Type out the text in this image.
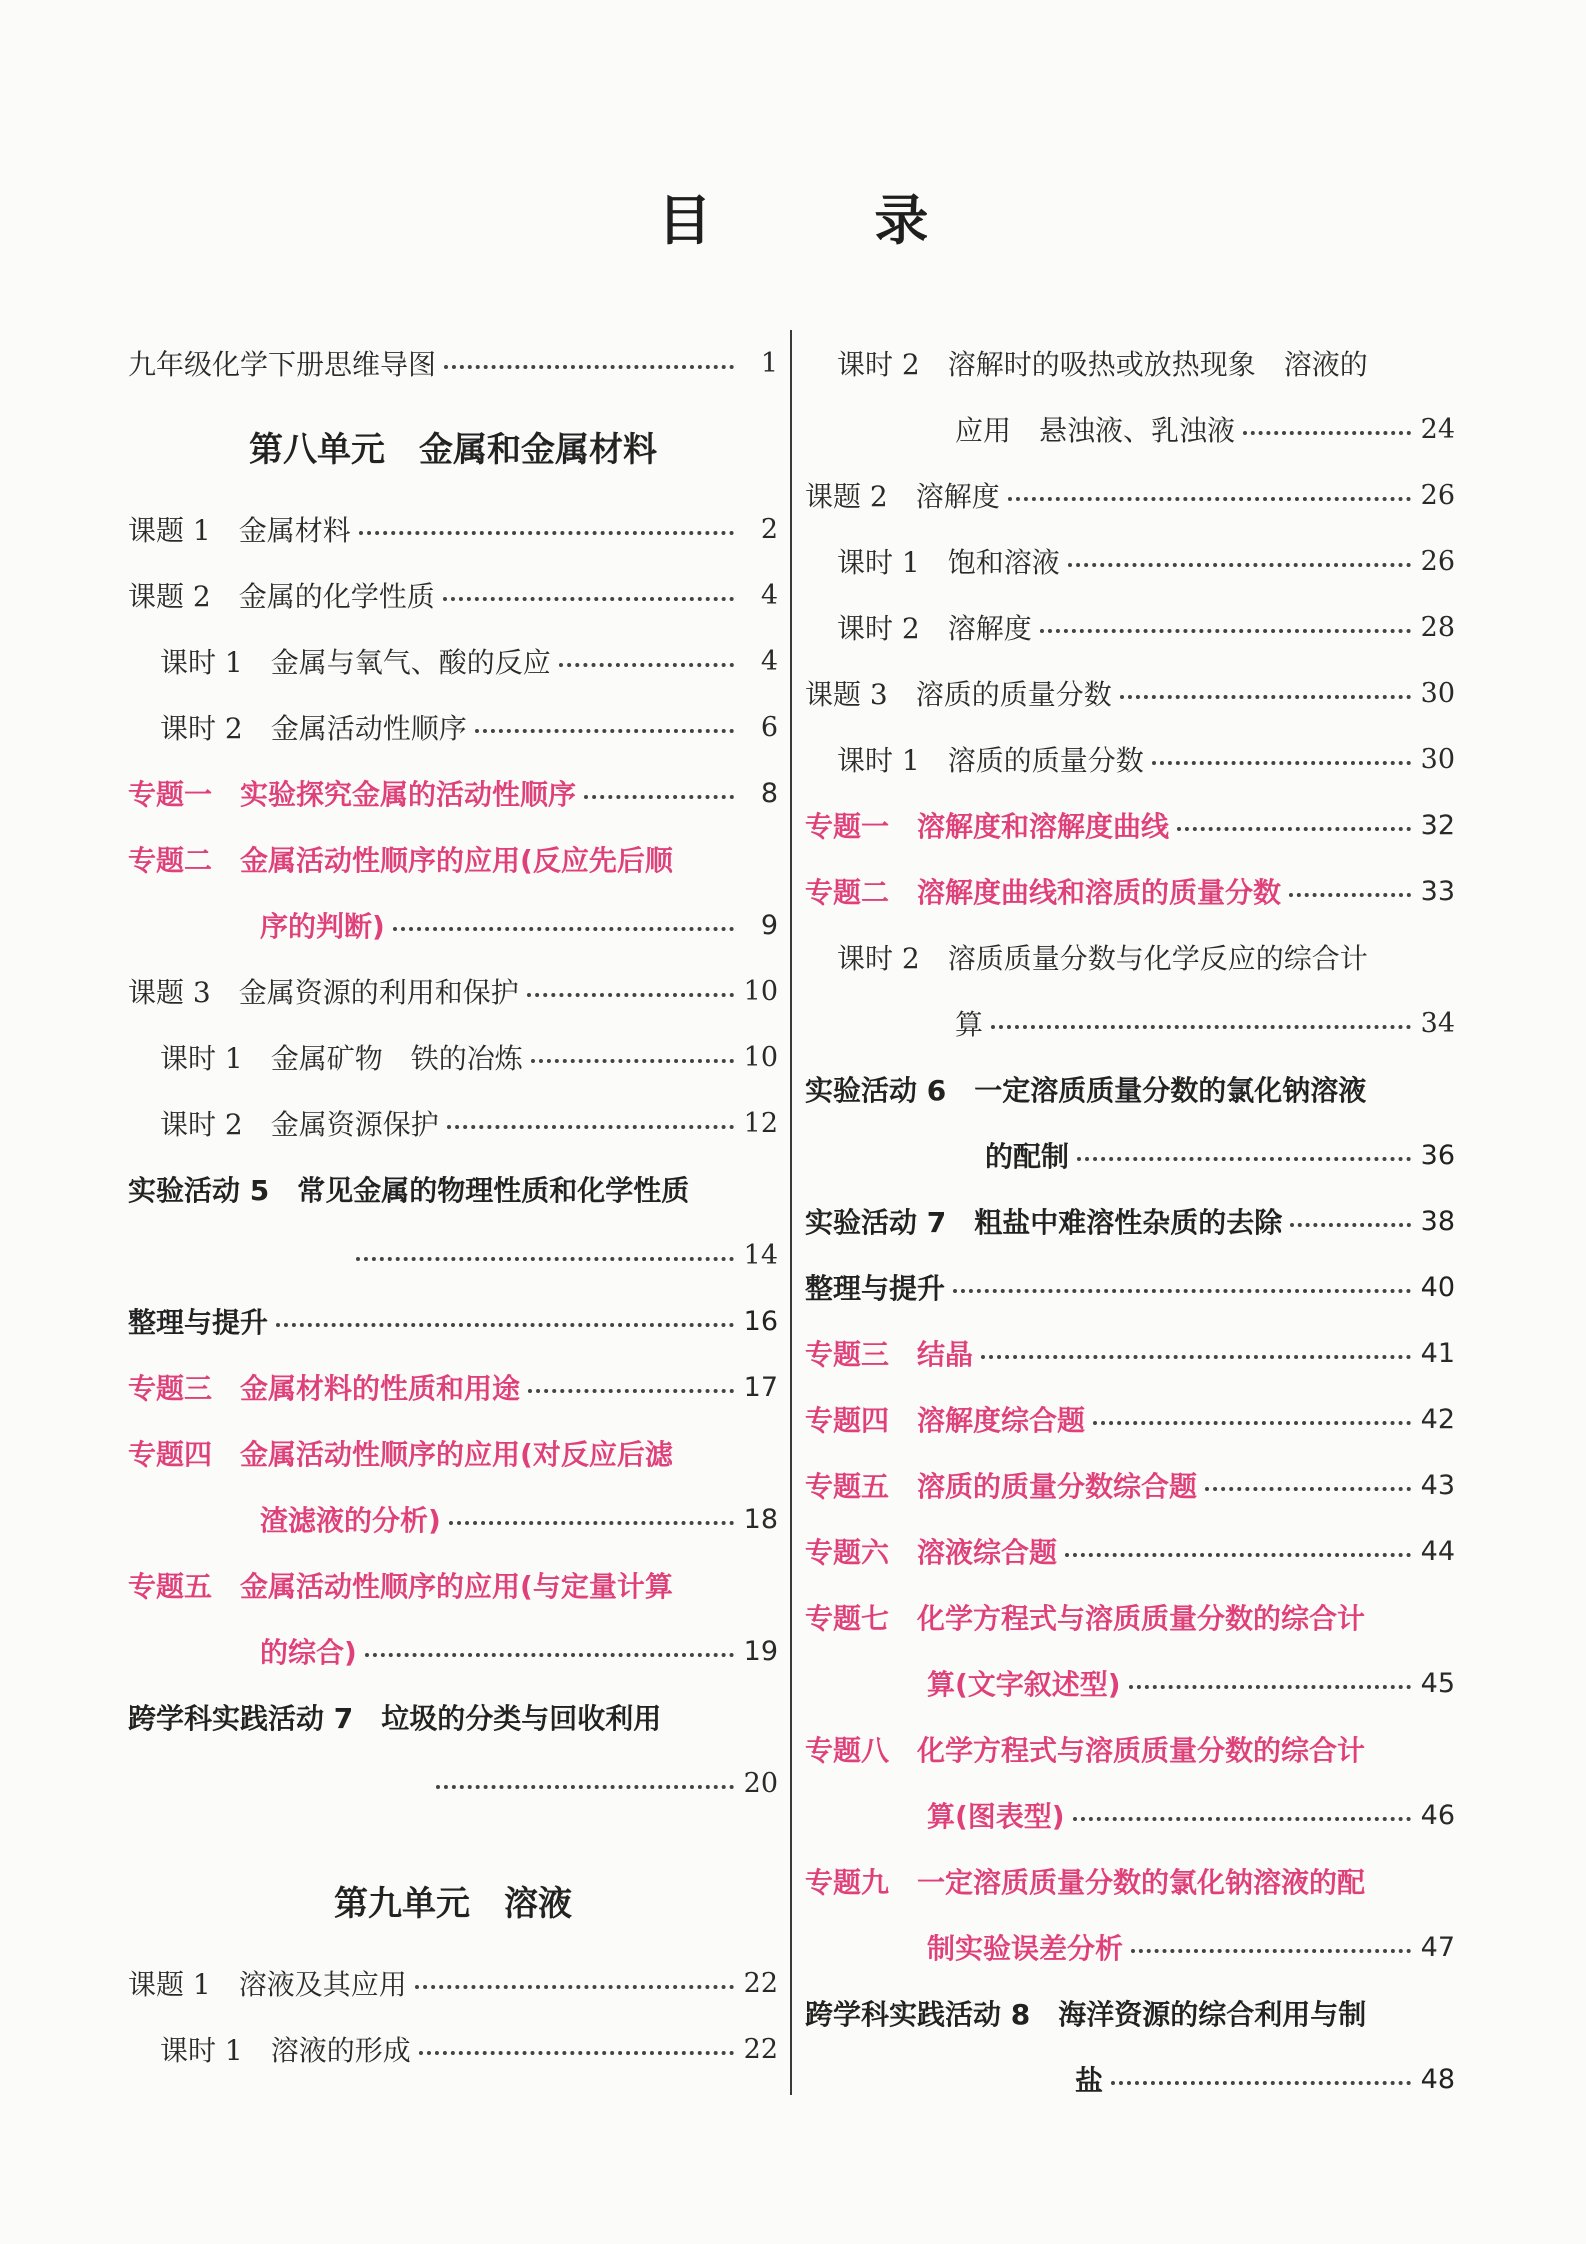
目 录
九年级化学下册思维导图	1
第八单元 金属和金属材料
课题 1　金属材料	2
课题 2　金属的化学性质	4
课时 1　金属与氧气、酸的反应	4
课时 2　金属活动性顺序	6
专题一 实验探究金属的活动性顺序	8
专题二 金属活动性顺序的应用(反应先后顺
序的判断)	9
课题 3　金属资源的利用和保护	10
课时 1　金属矿物　铁的冶炼	10
课时 2　金属资源保护	12
实验活动 5　常见金属的物理性质和化学性质
14
整理与提升	16
专题三 金属材料的性质和用途	17
专题四 金属活动性顺序的应用(对反应后滤
渣滤液的分析)	18
专题五 金属活动性顺序的应用(与定量计算
的综合)	19
跨学科实践活动 7　垃圾的分类与回收利用
20
第九单元 溶液
课题 1　溶液及其应用	22
课时 1　溶液的形成	22
课时 2　溶解时的吸热或放热现象　溶液的
应用　悬浊液、乳浊液	24
课题 2　溶解度	26
课时 1　饱和溶液	26
课时 2　溶解度	28
课题 3　溶质的质量分数	30
课时 1　溶质的质量分数	30
专题一 溶解度和溶解度曲线	32
专题二 溶解度曲线和溶质的质量分数	33
课时 2　溶质质量分数与化学反应的综合计
算	34
实验活动 6　一定溶质质量分数的氯化钠溶液
的配制	36
实验活动 7　粗盐中难溶性杂质的去除	38
整理与提升	40
专题三 结晶	41
专题四 溶解度综合题	42
专题五 溶质的质量分数综合题	43
专题六 溶液综合题	44
专题七 化学方程式与溶质质量分数的综合计
算(文字叙述型)	45
专题八 化学方程式与溶质质量分数的综合计
算(图表型)	46
专题九 一定溶质质量分数的氯化钠溶液的配
制实验误差分析	47
跨学科实践活动 8　海洋资源的综合利用与制
盐	48
